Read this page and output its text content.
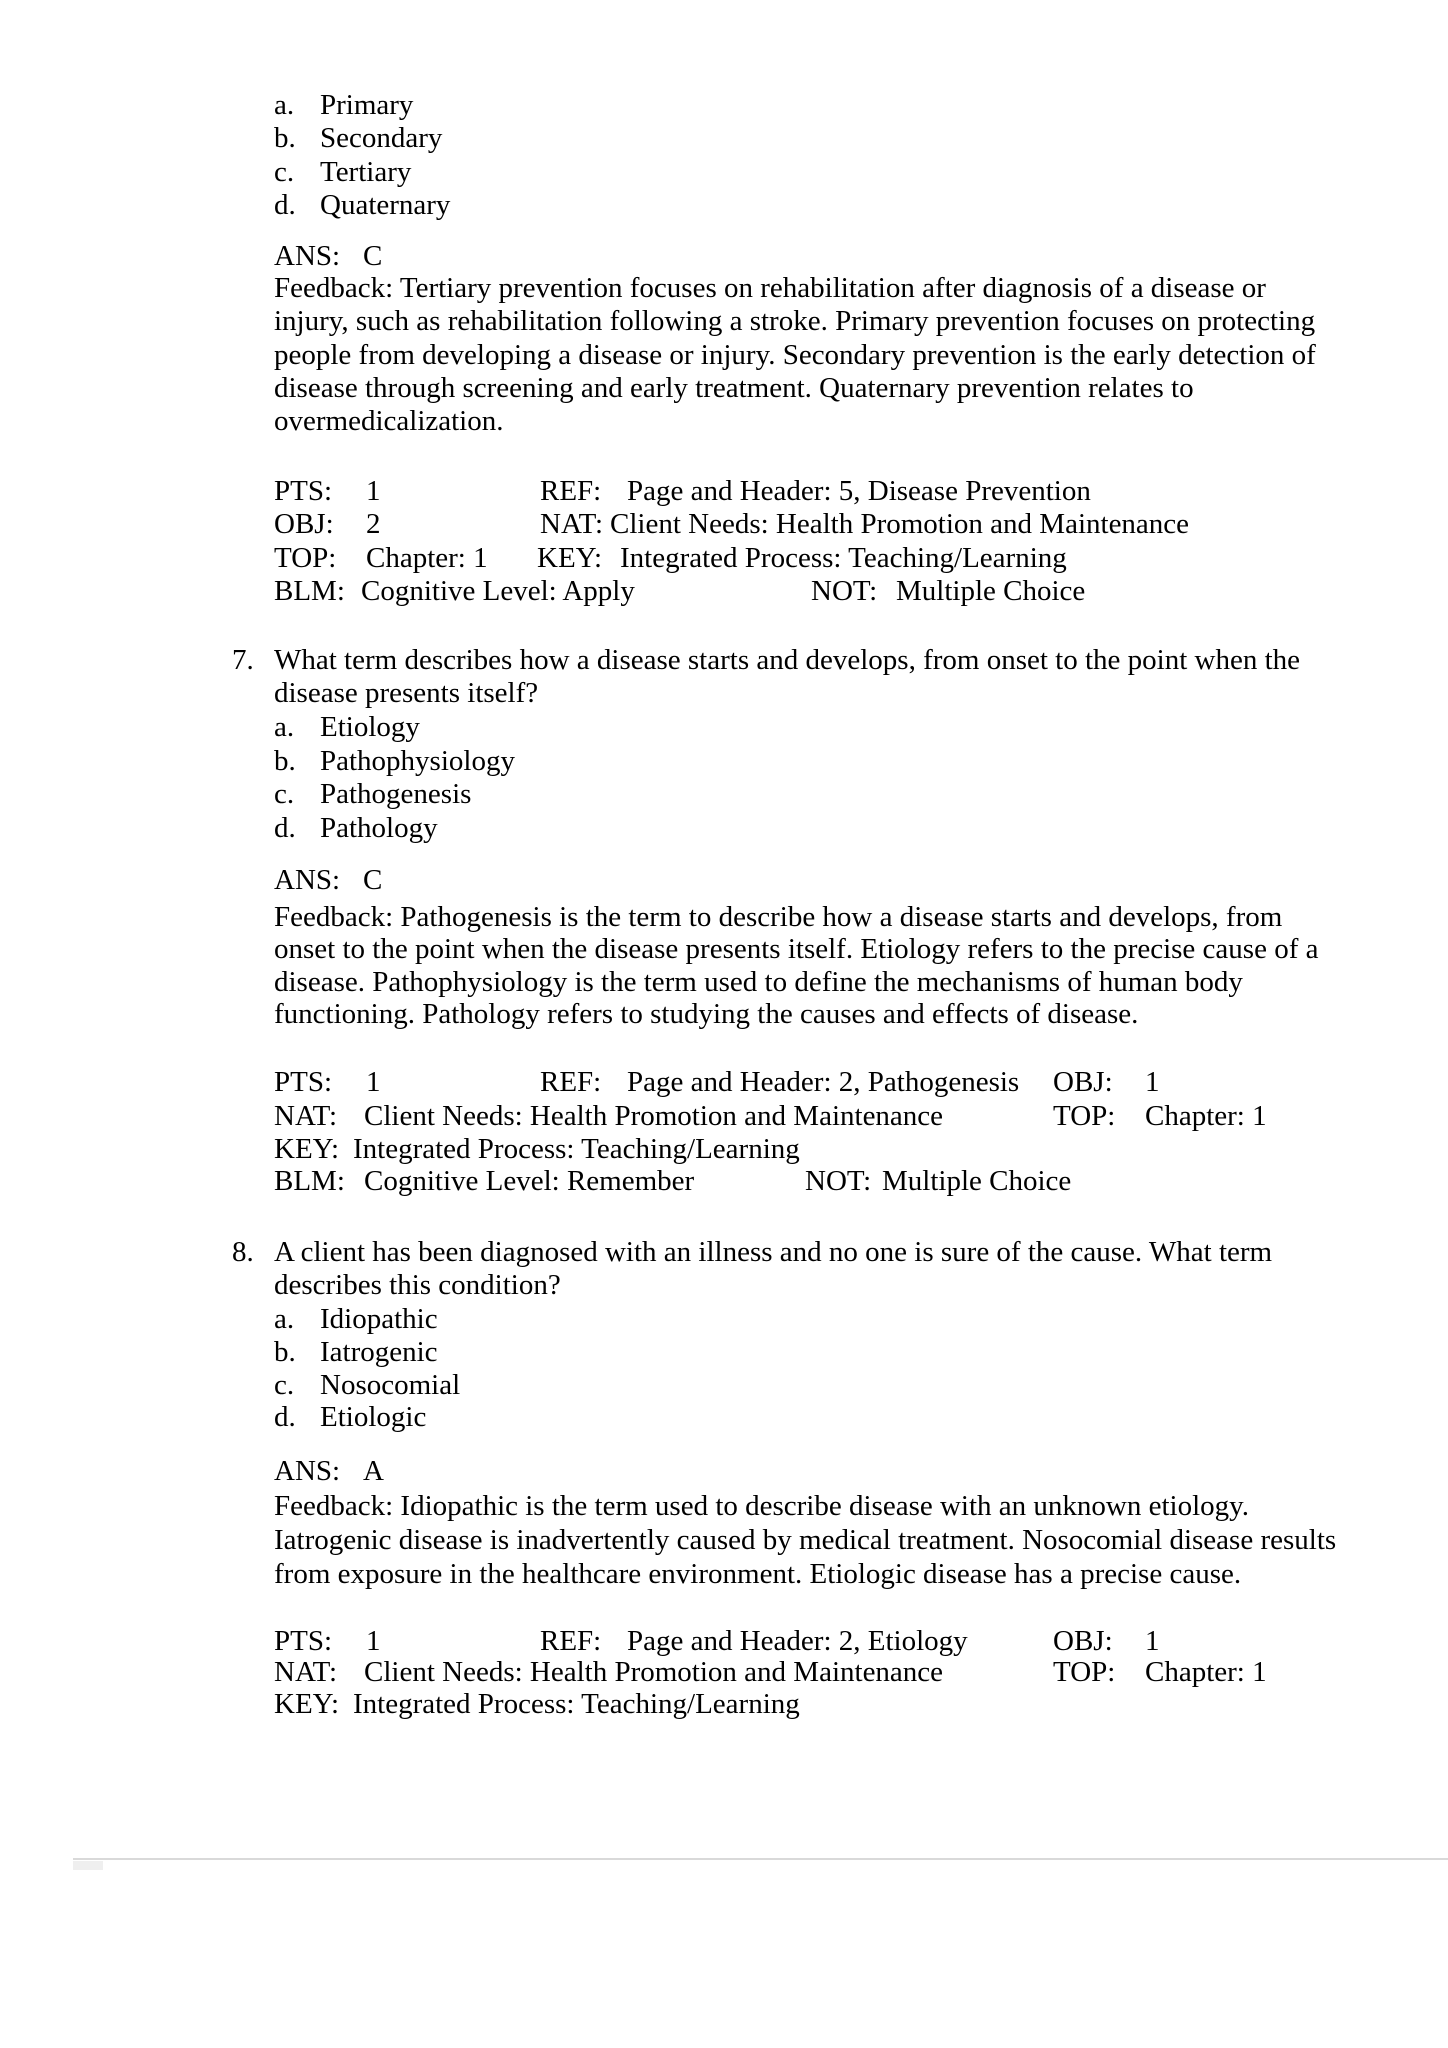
a. Primary
b. Secondary
c. Tertiary
d. Quaternary
ANS: C
Feedback: Tertiary prevention focuses on rehabilitation after diagnosis of a disease or
injury, such as rehabilitation following a stroke. Primary prevention focuses on protecting
people from developing a disease or injury. Secondary prevention is the early detection of
disease through screening and early treatment. Quaternary prevention relates to
overmedicalization.
PTS: 1	REF: Page and Header: 5, Disease Prevention
OBJ: 2	NAT: Client Needs: Health Promotion and Maintenance
TOP: Chapter: 1 KEY: Integrated Process: Teaching/Learning
BLM: Cognitive Level: Apply	NOT: Multiple Choice
7. What term describes how a disease starts and develops, from onset to the point when the
disease presents itself?
a. Etiology
b. Pathophysiology
c. Pathogenesis
d. Pathology
ANS: C
Feedback: Pathogenesis is the term to describe how a disease starts and develops, from
onset to the point when the disease presents itself. Etiology refers to the precise cause of a
disease. Pathophysiology is the term used to define the mechanisms of human body
functioning. Pathology refers to studying the causes and effects of disease.
PTS: 1	REF: Page and Header: 2, Pathogenesis OBJ: 1
NAT: Client Needs: Health Promotion and Maintenance	TOP: Chapter: 1
KEY: Integrated Process: Teaching/Learning
BLM: Cognitive Level: Remember	NOT: Multiple Choice
8. A client has been diagnosed with an illness and no one is sure of the cause. What term
describes this condition?
a. Idiopathic
b. Iatrogenic
c. Nosocomial
d. Etiologic
ANS: A
Feedback: Idiopathic is the term used to describe disease with an unknown etiology.
Iatrogenic disease is inadvertently caused by medical treatment. Nosocomial disease results
from exposure in the healthcare environment. Etiologic disease has a precise cause.
PTS: 1	REF: Page and Header: 2, Etiology	OBJ: 1
NAT: Client Needs: Health Promotion and Maintenance	TOP: Chapter: 1
KEY: Integrated Process: Teaching/Learning
